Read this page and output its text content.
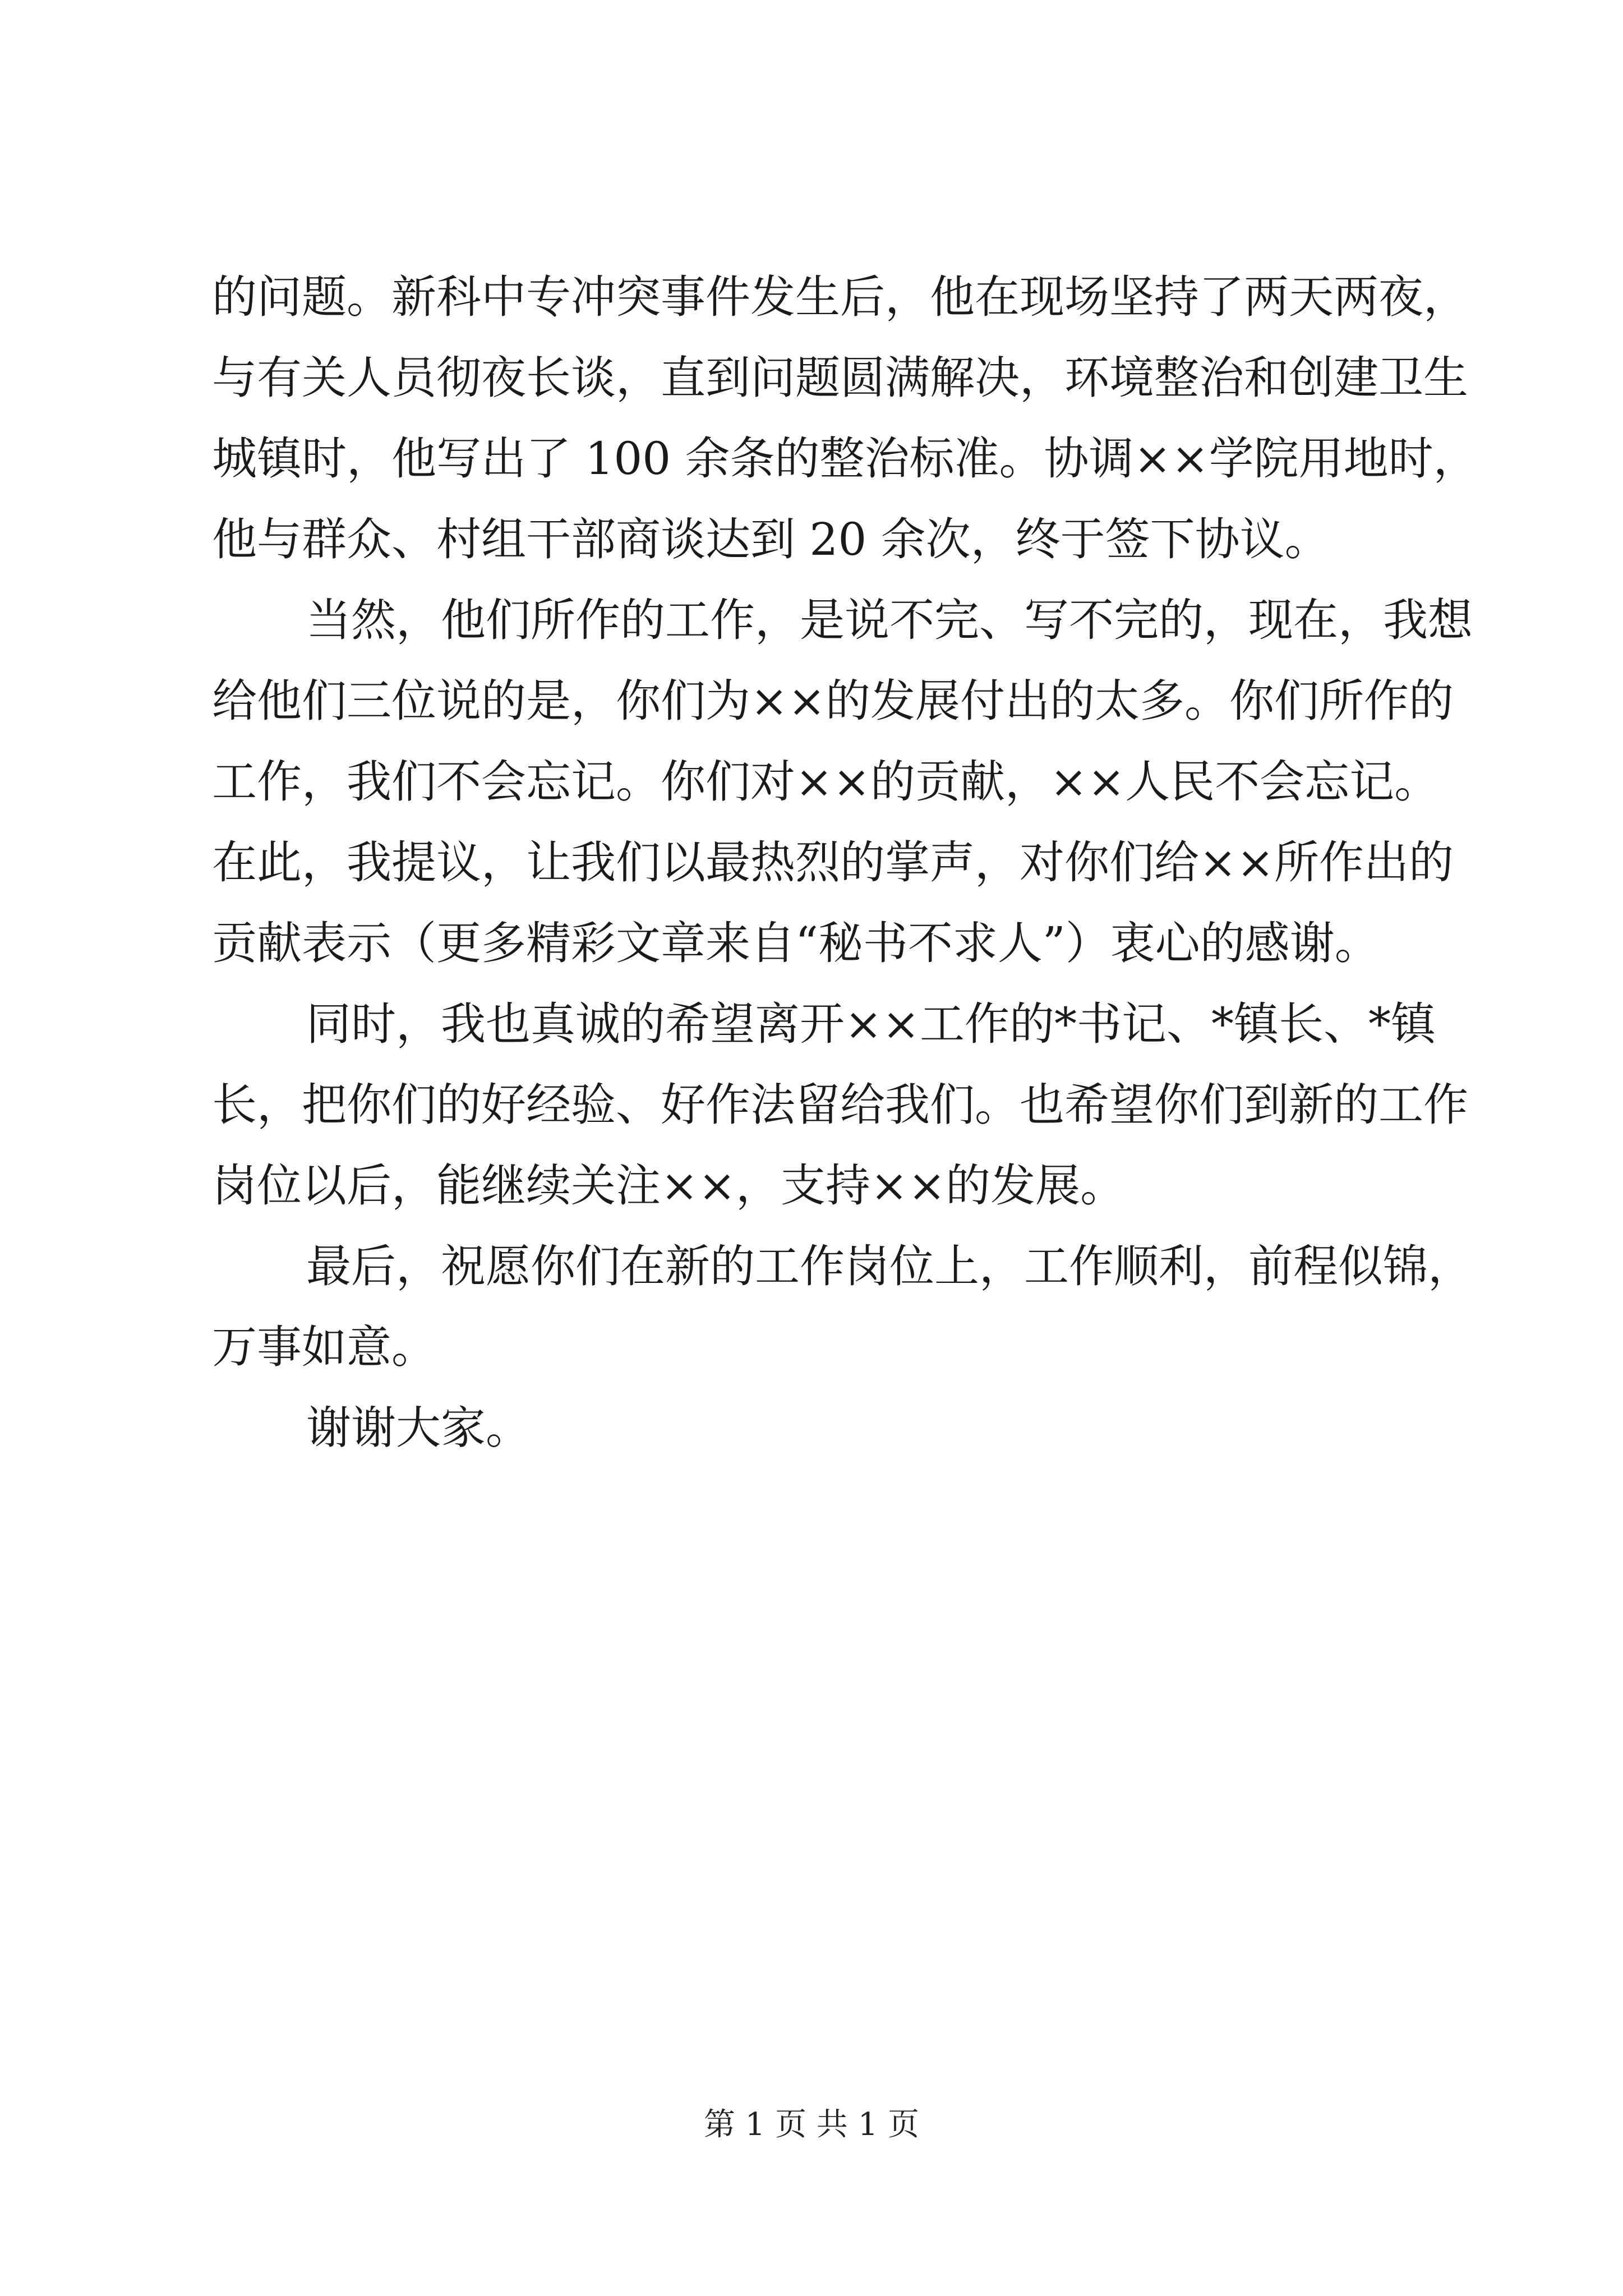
的问题。新科中专冲突事件发生后，他在现场坚持了两天两夜，
与有关人员彻夜长谈，直到问题圆满解决，环境整治和创建卫生
城镇时，他写出了 100 余条的整治标准。协调××学院用地时，
他与群众、村组干部商谈达到 20 余次，终于签下协议。
当然，他们所作的工作，是说不完、写不完的，现在，我想
给他们三位说的是，你们为××的发展付出的太多。你们所作的
工作，我们不会忘记。你们对××的贡献，××人民不会忘记。
在此，我提议，让我们以最热烈的掌声，对你们给××所作出的
贡献表示（更多精彩文章来自“秘书不求人”）衷心的感谢。
同时，我也真诚的希望离开××工作的*书记、*镇长、*镇
长，把你们的好经验、好作法留给我们。也希望你们到新的工作
岗位以后，能继续关注××，支持××的发展。
最后，祝愿你们在新的工作岗位上，工作顺利，前程似锦，
万事如意。
谢谢大家。
第 1 页 共 1 页
